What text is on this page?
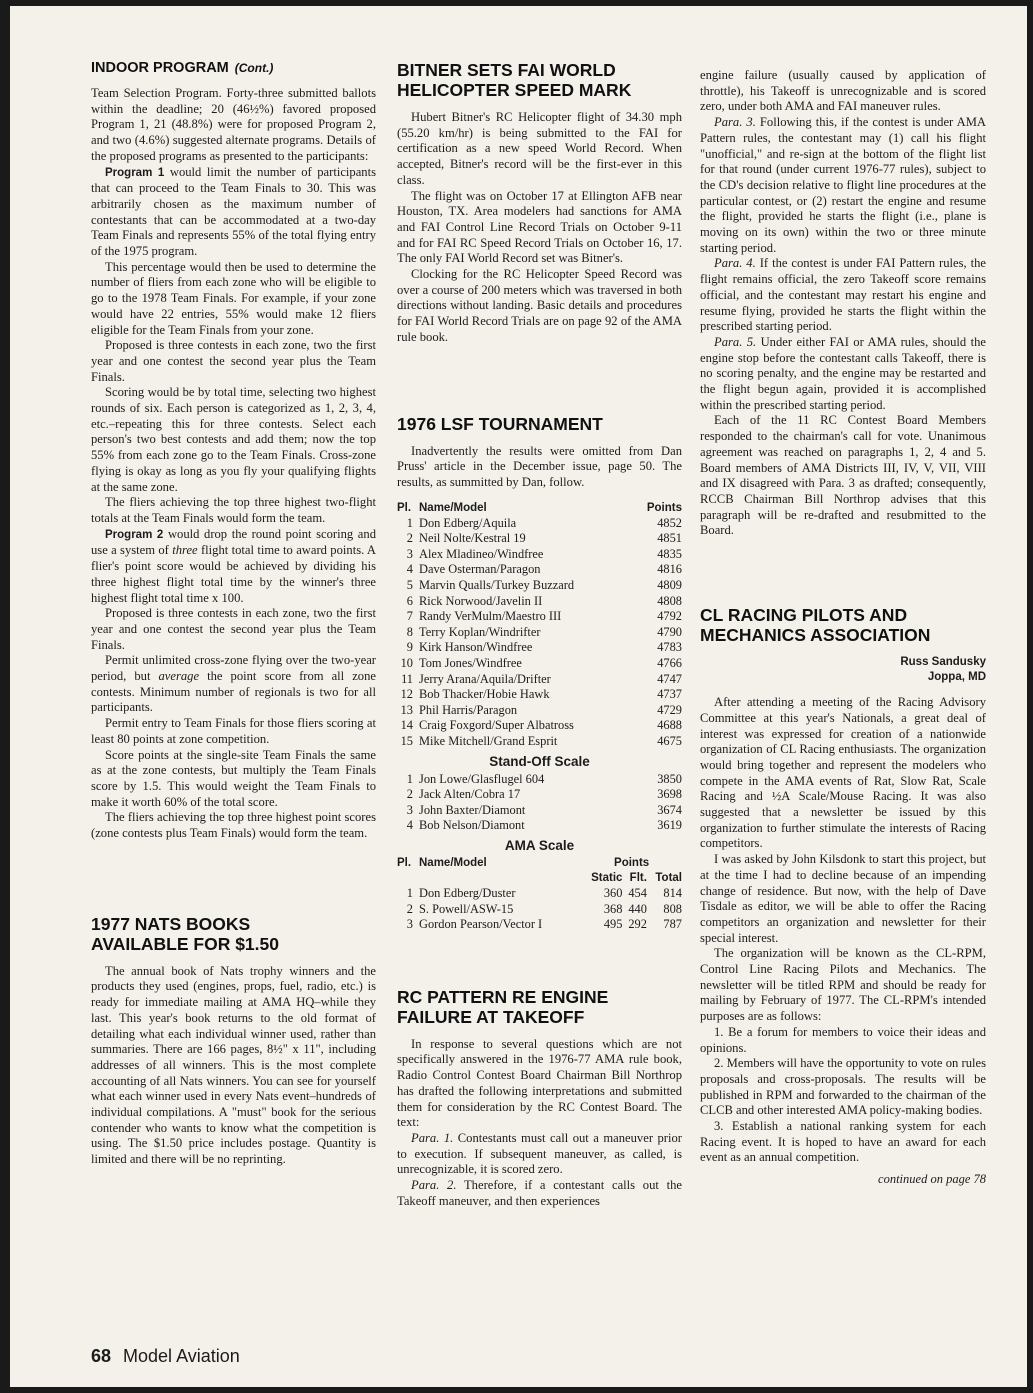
INDOOR PROGRAM (Cont.)

Team Selection Program. Forty-three submitted ballots within the deadline; 20 (46½%) favored proposed Program 1, 21 (48.8%) were for proposed Program 2, and two (4.6%) suggested alternate programs. Details of the proposed programs as presented to the participants:

Program 1 would limit the number of participants that can proceed to the Team Finals to 30. This was arbitrarily chosen as the maximum number of contestants that can be accommodated at a two-day Team Finals and represents 55% of the total flying entry of the 1975 program.

This percentage would then be used to determine the number of fliers from each zone who will be eligible to go to the 1978 Team Finals. For example, if your zone would have 22 entries, 55% would make 12 fliers eligible for the Team Finals from your zone.

Proposed is three contests in each zone, two the first year and one contest the second year plus the Team Finals.

Scoring would be by total time, selecting two highest rounds of six. Each person is categorized as 1, 2, 3, 4, etc.–repeating this for three contests. Select each person's two best contests and add them; now the top 55% from each zone go to the Team Finals. Cross-zone flying is okay as long as you fly your qualifying flights at the same zone.

The fliers achieving the top three highest two-flight totals at the Team Finals would form the team.

Program 2 would drop the round point scoring and use a system of three flight total time to award points. A flier's point score would be achieved by dividing his three highest flight total time by the winner's three highest flight total time x 100.

Proposed is three contests in each zone, two the first year and one contest the second year plus the Team Finals.

Permit unlimited cross-zone flying over the two-year period, but average the point score from all zone contests. Minimum number of regionals is two for all participants.

Permit entry to Team Finals for those fliers scoring at least 80 points at zone competition.

Score points at the single-site Team Finals the same as at the zone contests, but multiply the Team Finals score by 1.5. This would weight the Team Finals to make it worth 60% of the total score.

The fliers achieving the top three highest point scores (zone contests plus Team Finals) would form the team.

1977 NATS BOOKS
AVAILABLE FOR $1.50

The annual book of Nats trophy winners and the products they used (engines, props, fuel, radio, etc.) is ready for immediate mailing at AMA HQ–while they last. This year's book returns to the old format of detailing what each individual winner used, rather than summaries. There are 166 pages, 8½" x 11", including addresses of all winners. This is the most complete accounting of all Nats winners. You can see for yourself what each winner used in every Nats event–hundreds of individual compilations. A "must" book for the serious contender who wants to know what the competition is using. The $1.50 price includes postage. Quantity is limited and there will be no reprinting.

BITNER SETS FAI WORLD
HELICOPTER SPEED MARK

Hubert Bitner's RC Helicopter flight of 34.30 mph (55.20 km/hr) is being submitted to the FAI for certification as a new speed World Record. When accepted, Bitner's record will be the first-ever in this class.

The flight was on October 17 at Ellington AFB near Houston, TX. Area modelers had sanctions for AMA and FAI Control Line Record Trials on October 9-11 and for FAI RC Speed Record Trials on October 16, 17. The only FAI World Record set was Bitner's.

Clocking for the RC Helicopter Speed Record was over a course of 200 meters which was traversed in both directions without landing. Basic details and procedures for FAI World Record Trials are on page 92 of the AMA rule book.

1976 LSF TOURNAMENT

Inadvertently the results were omitted from Dan Pruss' article in the December issue, page 50. The results, as summitted by Dan, follow.

Pl.	Name/Model	Points
1	Don Edberg/Aquila	4852
2	Neil Nolte/Kestral 19	4851
3	Alex Mladineo/Windfree	4835
4	Dave Osterman/Paragon	4816
5	Marvin Qualls/Turkey Buzzard	4809
6	Rick Norwood/Javelin II	4808
7	Randy VerMulm/Maestro III	4792
8	Terry Koplan/Windrifter	4790
9	Kirk Hanson/Windfree	4783
10	Tom Jones/Windfree	4766
11	Jerry Arana/Aquila/Drifter	4747
12	Bob Thacker/Hobie Hawk	4737
13	Phil Harris/Paragon	4729
14	Craig Foxgord/Super Albatross	4688
15	Mike Mitchell/Grand Esprit	4675
Stand-Off Scale
1	Jon Lowe/Glasflugel 604	3850
2	Jack Alten/Cobra 17	3698
3	John Baxter/Diamont	3674
4	Bob Nelson/Diamont	3619
AMA Scale
Pl.	Name/Model	Points		
		Static	Flt.	Total
1	Don Edberg/Duster	360	454	814
2	S. Powell/ASW-15	368	440	808
3	Gordon Pearson/Vector I	495	292	787
RC PATTERN RE ENGINE
FAILURE AT TAKEOFF

In response to several questions which are not specifically answered in the 1976-77 AMA rule book, Radio Control Contest Board Chairman Bill Northrop has drafted the following interpretations and submitted them for consideration by the RC Contest Board. The text:

Para. 1. Contestants must call out a maneuver prior to execution. If subsequent maneuver, as called, is unrecognizable, it is scored zero.

Para. 2. Therefore, if a contestant calls out the Takeoff maneuver, and then experiences

engine failure (usually caused by application of throttle), his Takeoff is unrecognizable and is scored zero, under both AMA and FAI maneuver rules.

Para. 3. Following this, if the contest is under AMA Pattern rules, the contestant may (1) call his flight "unofficial," and re-sign at the bottom of the flight list for that round (under current 1976-77 rules), subject to the CD's decision relative to flight line procedures at the particular contest, or (2) restart the engine and resume the flight, provided he starts the flight (i.e., plane is moving on its own) within the two or three minute starting period.

Para. 4. If the contest is under FAI Pattern rules, the flight remains official, the zero Takeoff score remains official, and the contestant may restart his engine and resume flying, provided he starts the flight within the prescribed starting period.

Para. 5. Under either FAI or AMA rules, should the engine stop before the contestant calls Takeoff, there is no scoring penalty, and the engine may be restarted and the flight begun again, provided it is accomplished within the prescribed starting period.

Each of the 11 RC Contest Board Members responded to the chairman's call for vote. Unanimous agreement was reached on paragraphs 1, 2, 4 and 5. Board members of AMA Districts III, IV, V, VII, VIII and IX disagreed with Para. 3 as drafted; consequently, RCCB Chairman Bill Northrop advises that this paragraph will be re-drafted and resubmitted to the Board.

CL RACING PILOTS AND
MECHANICS ASSOCIATION
Russ Sandusky
Joppa, MD

After attending a meeting of the Racing Advisory Committee at this year's Nationals, a great deal of interest was expressed for creation of a nationwide organization of CL Racing enthusiasts. The organization would bring together and represent the modelers who compete in the AMA events of Rat, Slow Rat, Scale Racing and ½A Scale/Mouse Racing. It was also suggested that a newsletter be issued by this organization to further stimulate the interests of Racing competitors.

I was asked by John Kilsdonk to start this project, but at the time I had to decline because of an impending change of residence. But now, with the help of Dave Tisdale as editor, we will be able to offer the Racing competitors an organization and newsletter for their special interest.

The organization will be known as the CL-RPM, Control Line Racing Pilots and Mechanics. The newsletter will be titled RPM and should be ready for mailing by February of 1977. The CL-RPM's intended purposes are as follows:

1. Be a forum for members to voice their ideas and opinions.

2. Members will have the opportunity to vote on rules proposals and cross-proposals. The results will be published in RPM and forwarded to the chairman of the CLCB and other interested AMA policy-making bodies.

3. Establish a national ranking system for each Racing event. It is hoped to have an award for each event as an annual competition.

continued on page 78
68 Model Aviation
